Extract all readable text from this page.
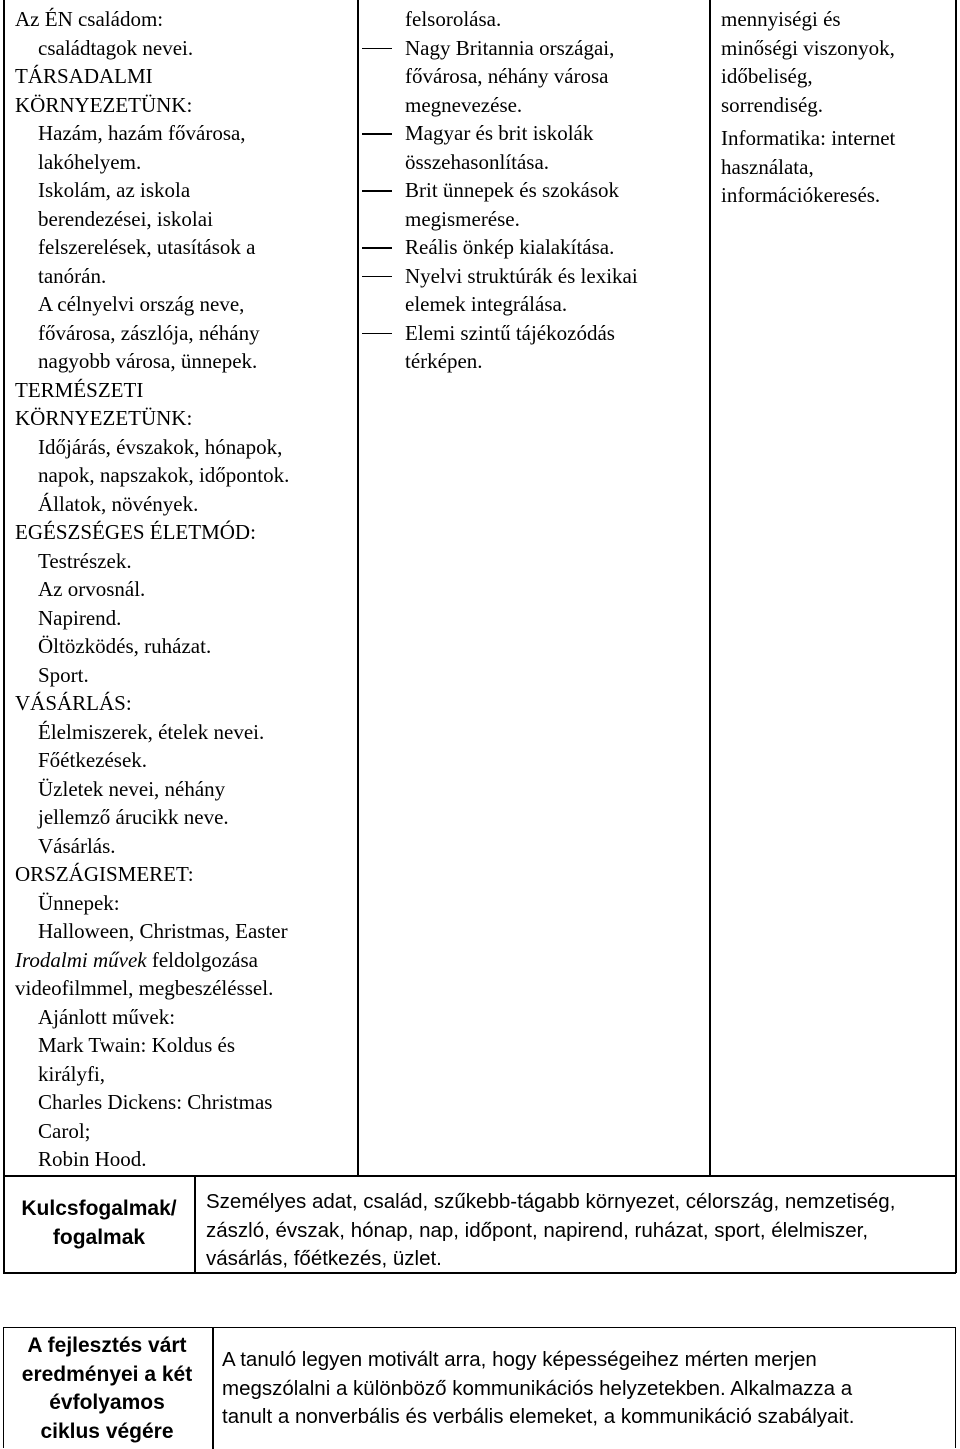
Az ÉN családom:
családtagok nevei.
TÁRSADALMI
KÖRNYEZETÜNK:
Hazám, hazám fővárosa,
lakóhelyem.
Iskolám, az iskola
berendezései, iskolai
felszerelések, utasítások a
tanórán.
A célnyelvi ország neve,
fővárosa, zászlója, néhány
nagyobb városa, ünnepek.
TERMÉSZETI
KÖRNYEZETÜNK:
Időjárás, évszakok, hónapok,
napok, napszakok, időpontok.
Állatok, növények.
EGÉSZSÉGES ÉLETMÓD:
Testrészek.
Az orvosnál.
Napirend.
Öltözködés, ruházat.
Sport.
VÁSÁRLÁS:
Élelmiszerek, ételek nevei.
Főétkezések.
Üzletek nevei, néhány
jellemző árucikk neve.
Vásárlás.
ORSZÁGISMERET:
Ünnepek:
Halloween, Christmas, Easter
Irodalmi művek feldolgozása
videofilmmel, megbeszéléssel.
Ajánlott művek:
Mark Twain: Koldus és
királyfi,
Charles Dickens: Christmas
Carol;
Robin Hood.
felsorolása.
Nagy Britannia országai,
fővárosa, néhány városa
megnevezése.
Magyar és brit iskolák
összehasonlítása.
Brit ünnepek és szokások
megismerése.
Reális önkép kialakítása.
Nyelvi struktúrák és lexikai
elemek integrálása.
Elemi szintű tájékozódás
térképen.
mennyiségi és
minőségi viszonyok,
időbeliség,
sorrendiség.
Informatika: internet
használata,
információkeresés.
Kulcsfogalmak/
fogalmak
Személyes adat, család, szűkebb-tágabb környezet, célország, nemzetiség,
zászló, évszak, hónap, nap, időpont, napirend, ruházat, sport, élelmiszer,
vásárlás, főétkezés, üzlet.
A fejlesztés várt
eredményei a két
évfolyamos
ciklus végére
A tanuló legyen motivált arra, hogy képességeihez mérten merjen
megszólalni a különböző kommunikációs helyzetekben. Alkalmazza a
tanult a nonverbális és verbális elemeket, a kommunikáció szabályait.
